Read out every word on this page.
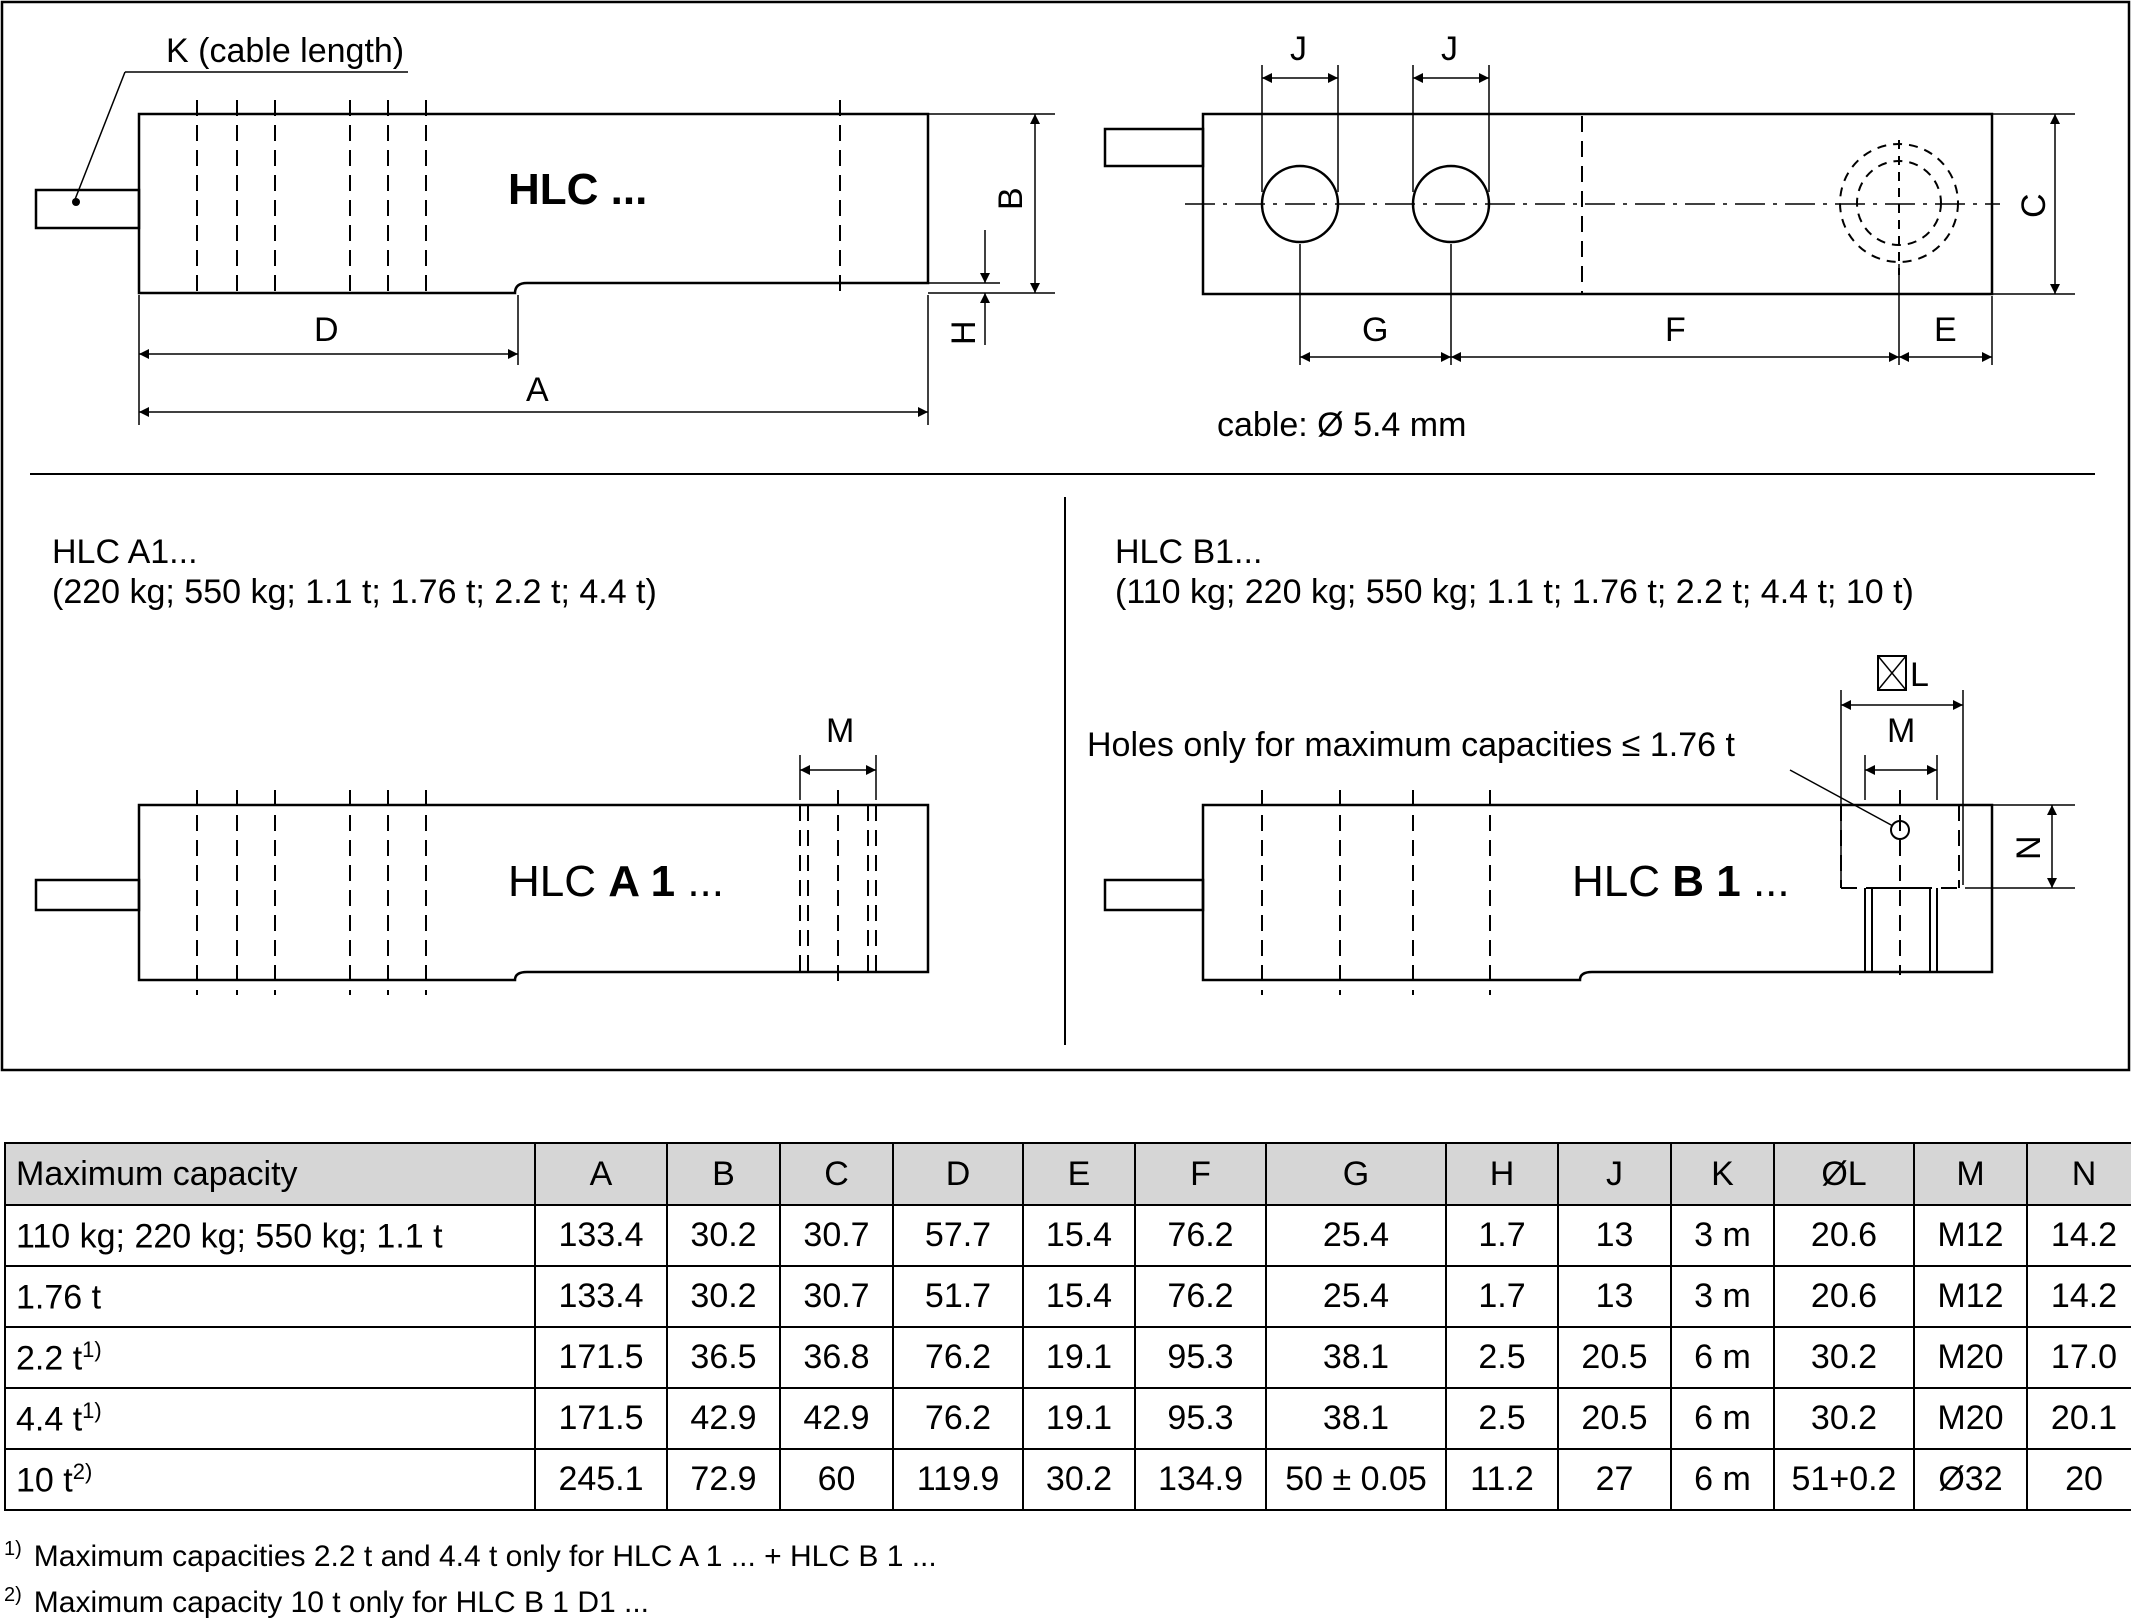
K (cable length)
HLC ...	B
H
D
A
J	J
C
G	F	E
cable: Ø 5.4 mm
HLC A1...
(220 kg; 550 kg; 1.1 t; 1.76 t; 2.2 t; 4.4 t)
M
HLC A 1 ...
HLC B1...
(110 kg; 220 kg; 550 kg; 1.1 t; 1.76 t; 2.2 t; 4.4 t; 10 t)
L
M
N
Holes only for maximum capacities ≤ 1.76 t
HLC B 1 ...
Maximum capacity	A	B	C	D	E	F	G	H	J	K	ØL	M	N
110 kg; 220 kg; 550 kg; 1.1 t	133.4	30.2	30.7	57.7	15.4	76.2	25.4	1.7	13	3 m	20.6	M12	14.2
1.76 t	133.4	30.2	30.7	51.7	15.4	76.2	25.4	1.7	13	3 m	20.6	M12	14.2
2.2 $t^{1)}$	171.5	36.5	36.8	76.2	19.1	95.3	38.1	2.5	20.5	6 m	30.2	M20	17.0
4.4 $t^{1)}$	171.5	42.9	42.9	76.2	19.1	95.3	38.1	2.5	20.5	6 m	30.2	M20	20.1
10 $t^{2)}$	245.1	72.9	60	119.9	30.2	134.9	50 ± 0.05	11.2	27	6 m	51+0.2	Ø32	20
$^{1)}$ Maximum capacities 2.2 t and 4.4 t only for HLC A 1 ... + HLC B 1 ...
$^{2)}$ Maximum capacity 10 t only for HLC B 1 D1 ...
